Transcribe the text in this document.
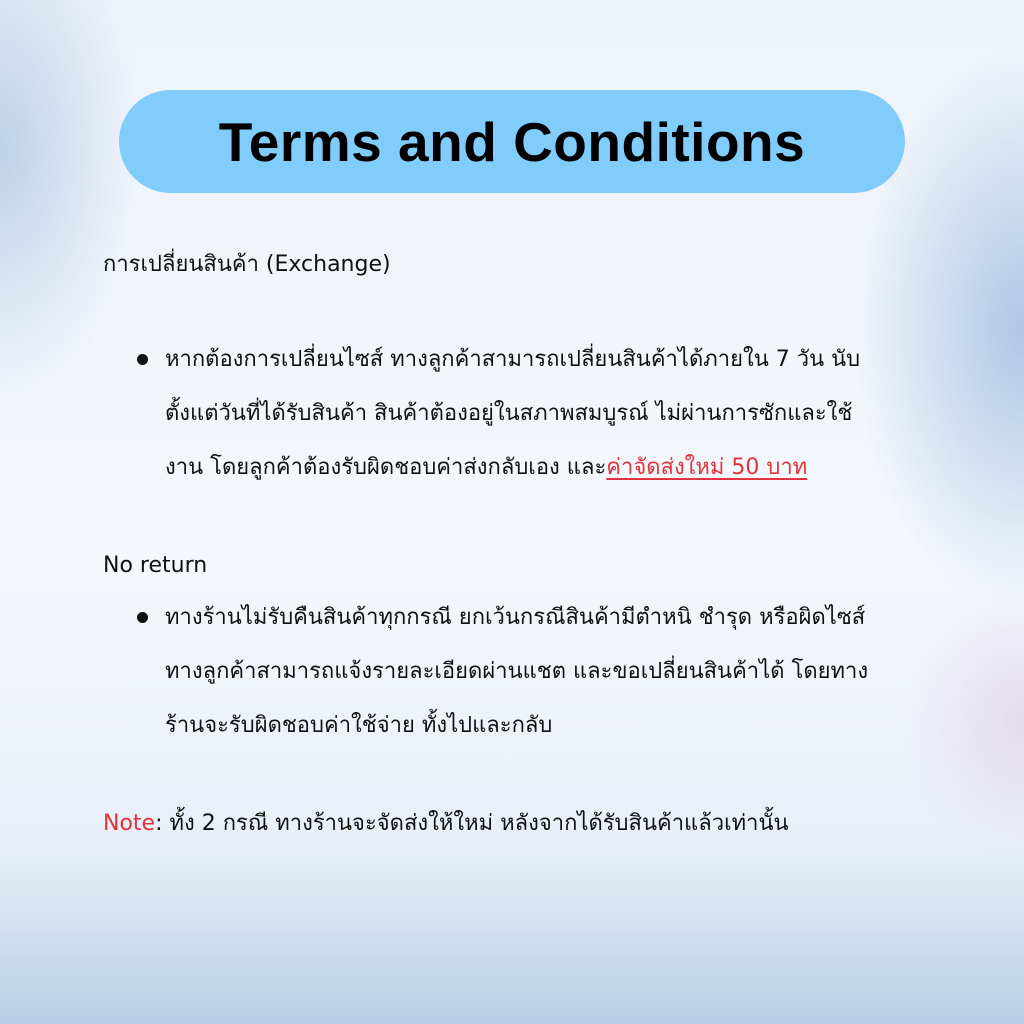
Terms and Conditions
การเปลี่ยนสินค้า (Exchange)
หากต้องการเปลี่ยนไซส์ ทางลูกค้าสามารถเปลี่ยนสินค้าได้ภายใน 7 วัน นับ
ตั้งแต่วันที่ได้รับสินค้า สินค้าต้องอยู่ในสภาพสมบูรณ์ ไม่ผ่านการซักและใช้
งาน โดยลูกค้าต้องรับผิดชอบค่าส่งกลับเอง และค่าจัดส่งใหม่ 50 บาท
No return
ทางร้านไม่รับคืนสินค้าทุกกรณี ยกเว้นกรณีสินค้ามีตำหนิ ชำรุด หรือผิดไซส์
ทางลูกค้าสามารถแจ้งรายละเอียดผ่านแชต และขอเปลี่ยนสินค้าได้ โดยทาง
ร้านจะรับผิดชอบค่าใช้จ่าย ทั้งไปและกลับ
Note: ทั้ง 2 กรณี ทางร้านจะจัดส่งให้ใหม่ หลังจากได้รับสินค้าแล้วเท่านั้น
